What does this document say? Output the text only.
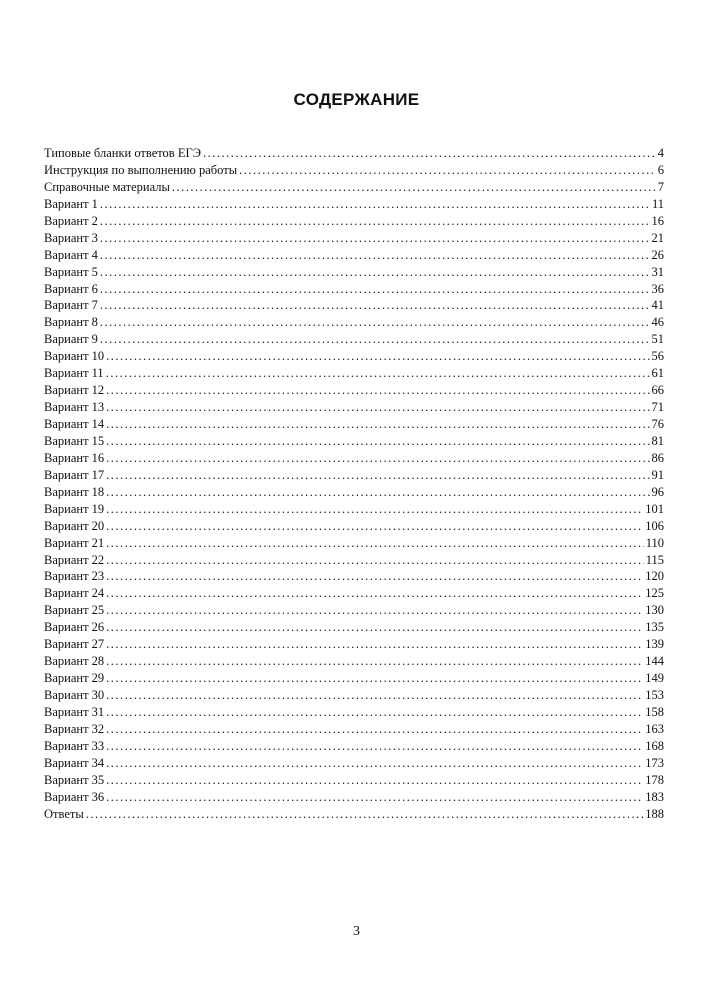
СОДЕРЖАНИЕ
Типовые бланки ответов ЕГЭ .....	4
Инструкция по выполнению работы .....	6
Справочные материалы .....	7
Вариант 1 .....	11
Вариант 2 .....	16
Вариант 3 .....	21
Вариант 4 .....	26
Вариант 5 .....	31
Вариант 6 .....	36
Вариант 7 .....	41
Вариант 8 .....	46
Вариант 9 .....	51
Вариант 10 .....	56
Вариант 11 .....	61
Вариант 12 .....	66
Вариант 13 .....	71
Вариант 14 .....	76
Вариант 15 .....	81
Вариант 16 .....	86
Вариант 17 .....	91
Вариант 18 .....	96
Вариант 19 .....	101
Вариант 20 .....	106
Вариант 21 .....	110
Вариант 22 .....	115
Вариант 23 .....	120
Вариант 24 .....	125
Вариант 25 .....	130
Вариант 26 .....	135
Вариант 27 .....	139
Вариант 28 .....	144
Вариант 29 .....	149
Вариант 30 .....	153
Вариант 31 .....	158
Вариант 32 .....	163
Вариант 33 .....	168
Вариант 34 .....	173
Вариант 35 .....	178
Вариант 36 .....	183
Ответы .....	188
3
